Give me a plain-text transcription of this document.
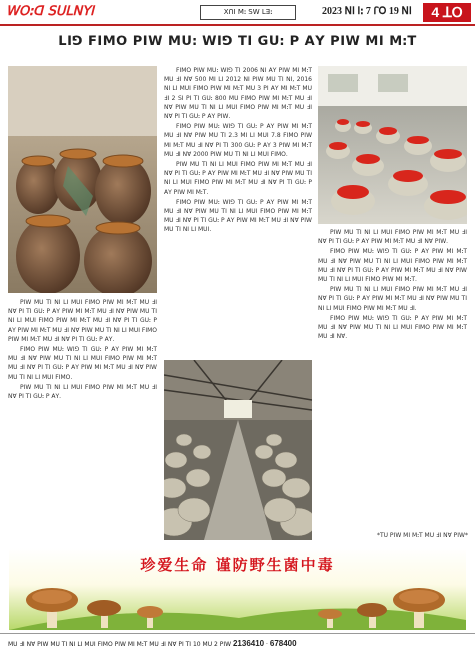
ꓪꓳꓽꓷ ꓢꓴꓡꓠꓬꓲ	ꓫꓵꓲ ꓟꓽ ꓢꓪ ꓡꓱꓽ	2023 ꓠꓲ ꓲꓽ 7 ꓩꓳ 19 ꓠꓲ	4 ꓕꓳ
ꓡꓲꓨ ꓝꓲꓟꓳ ꓑꓲꓪ ꓟꓴꓽ ꓪꓲꓨ ꓔꓲ ꓖꓴꓽ ꓑ ꓮꓬ ꓑꓲꓪ ꓟꓲ ꓟꓽꓔ

ꓝꓲꓟꓳ ꓑꓲꓪ ꓟꓴꓽ ꓪꓲꓨ ꓔꓲ 2006 ꓠꓲ ꓮꓬ ꓑꓲꓪ ꓟꓲ ꓟꓽꓔ ꓟꓴ ꓞꓲ ꓠꓯ 500 ꓟꓲ ꓡꓲ 2012 ꓠꓲ ꓑꓲꓪ ꓟꓴ ꓔꓲ ꓠꓲ, 2016 ꓠꓲ ꓡꓲ ꓟꓴꓲ ꓝꓲꓟꓳ ꓑꓲꓪ ꓟꓲ ꓟꓽꓔ ꓟꓴ 3 ꓑꓲ ꓮꓬ ꓟꓲ ꓟꓽꓔ ꓟꓴ ꓞꓲ 2 ꓢꓲ ꓑꓲ ꓔꓲ ꓖꓴꓽ 800 ꓟꓴ ꓝꓲꓟꓳ ꓑꓲꓪ ꓟꓲ ꓟꓽꓔ ꓟꓴ ꓞꓲ ꓠꓯ ꓑꓲꓪ ꓟꓴ ꓔꓲ ꓠꓲ ꓡꓲ ꓟꓴꓲ ꓝꓲꓟꓳ ꓑꓲꓪ ꓟꓲ ꓟꓽꓔ ꓟꓴ ꓞꓲ ꓠꓯ ꓑꓲ ꓔꓲ ꓖꓴꓽ ꓑ ꓮꓬ ꓑꓲꓪ.

ꓝꓲꓟꓳ ꓑꓲꓪ ꓟꓴꓽ ꓪꓲꓨ ꓔꓲ ꓖꓴꓽ ꓑ ꓮꓬ ꓑꓲꓪ ꓟꓲ ꓟꓽꓔ ꓟꓴ ꓞꓲ ꓠꓯ ꓑꓲꓪ ꓟꓴ ꓔꓲ 2.3 ꓟꓲ ꓡꓲ ꓟꓴꓲ 7.8 ꓝꓲꓟꓳ ꓑꓲꓪ ꓟꓲ ꓟꓽꓔ ꓟꓴ ꓞꓲ ꓠꓯ ꓑꓲ ꓔꓲ 300 ꓖꓴꓽ ꓑ ꓮꓬ 3 ꓑꓲꓪ ꓟꓲ ꓟꓽꓔ ꓟꓴ ꓞꓲ ꓠꓯ 2000 ꓑꓲꓪ ꓟꓴ ꓔꓲ ꓠꓲ ꓡꓲ ꓟꓴꓲ ꓝꓲꓟꓳ.

ꓑꓲꓪ ꓟꓴ ꓔꓲ ꓠꓲ ꓡꓲ ꓟꓴꓲ ꓝꓲꓟꓳ ꓑꓲꓪ ꓟꓲ ꓟꓽꓔ ꓟꓴ ꓞꓲ ꓠꓯ ꓑꓲ ꓔꓲ ꓖꓴꓽ ꓑ ꓮꓬ ꓑꓲꓪ ꓟꓲ ꓟꓽꓔ ꓟꓴ ꓞꓲ ꓠꓯ ꓑꓲꓪ ꓟꓴ ꓔꓲ ꓠꓲ ꓡꓲ ꓟꓴꓲ ꓝꓲꓟꓳ ꓑꓲꓪ ꓟꓲ ꓟꓽꓔ ꓟꓴ ꓞꓲ ꓠꓯ ꓑꓲ ꓔꓲ ꓖꓴꓽ ꓑ ꓮꓬ ꓑꓲꓪ ꓟꓲ ꓟꓽꓔ.

ꓝꓲꓟꓳ ꓑꓲꓪ ꓟꓴꓽ ꓪꓲꓨ ꓔꓲ ꓖꓴꓽ ꓑ ꓮꓬ ꓑꓲꓪ ꓟꓲ ꓟꓽꓔ ꓟꓴ ꓞꓲ ꓠꓯ ꓑꓲꓪ ꓟꓴ ꓔꓲ ꓠꓲ ꓡꓲ ꓟꓴꓲ ꓝꓲꓟꓳ ꓑꓲꓪ ꓟꓲ ꓟꓽꓔ ꓟꓴ ꓞꓲ ꓠꓯ ꓑꓲ ꓔꓲ ꓖꓴꓽ ꓑ ꓮꓬ ꓑꓲꓪ ꓟꓲ ꓟꓽꓔ ꓟꓴ ꓞꓲ ꓠꓯ ꓑꓲꓪ ꓟꓴ ꓔꓲ ꓠꓲ ꓡꓲ ꓟꓴꓲ.	ꓑꓲꓪ ꓟꓴ ꓔꓲ ꓠꓲ ꓡꓲ ꓟꓴꓲ ꓝꓲꓟꓳ ꓑꓲꓪ ꓟꓲ ꓟꓽꓔ ꓟꓴ ꓞꓲ ꓠꓯ ꓑꓲ ꓔꓲ ꓖꓴꓽ ꓑ ꓮꓬ ꓑꓲꓪ ꓟꓲ ꓟꓽꓔ ꓟꓴ ꓞꓲ ꓠꓯ ꓑꓲꓪ.

ꓝꓲꓟꓳ ꓑꓲꓪ ꓟꓴꓽ ꓪꓲꓨ ꓔꓲ ꓖꓴꓽ ꓑ ꓮꓬ ꓑꓲꓪ ꓟꓲ ꓟꓽꓔ ꓟꓴ ꓞꓲ ꓠꓯ ꓑꓲꓪ ꓟꓴ ꓔꓲ ꓠꓲ ꓡꓲ ꓟꓴꓲ ꓝꓲꓟꓳ ꓑꓲꓪ ꓟꓲ ꓟꓽꓔ ꓟꓴ ꓞꓲ ꓠꓯ ꓑꓲ ꓔꓲ ꓖꓴꓽ ꓑ ꓮꓬ ꓑꓲꓪ ꓟꓲ ꓟꓽꓔ ꓟꓴ ꓞꓲ ꓠꓯ ꓑꓲꓪ ꓟꓴ ꓔꓲ ꓠꓲ ꓡꓲ ꓟꓴꓲ ꓝꓲꓟꓳ ꓑꓲꓪ ꓟꓲ ꓟꓽꓔ.

ꓑꓲꓪ ꓟꓴ ꓔꓲ ꓠꓲ ꓡꓲ ꓟꓴꓲ ꓝꓲꓟꓳ ꓑꓲꓪ ꓟꓲ ꓟꓽꓔ ꓟꓴ ꓞꓲ ꓠꓯ ꓑꓲ ꓔꓲ ꓖꓴꓽ ꓑ ꓮꓬ ꓑꓲꓪ ꓟꓲ ꓟꓽꓔ ꓟꓴ ꓞꓲ ꓠꓯ ꓑꓲꓪ ꓟꓴ ꓔꓲ ꓠꓲ ꓡꓲ ꓟꓴꓲ ꓝꓲꓟꓳ ꓑꓲꓪ ꓟꓲ ꓟꓽꓔ ꓟꓴ ꓞꓲ.

ꓝꓲꓟꓳ ꓑꓲꓪ ꓟꓴꓽ ꓪꓲꓨ ꓔꓲ ꓖꓴꓽ ꓑ ꓮꓬ ꓑꓲꓪ ꓟꓲ ꓟꓽꓔ ꓟꓴ ꓞꓲ ꓠꓯ ꓑꓲꓪ ꓟꓴ ꓔꓲ ꓠꓲ ꓡꓲ ꓟꓴꓲ ꓝꓲꓟꓳ ꓑꓲꓪ ꓟꓲ ꓟꓽꓔ ꓟꓴ ꓞꓲ ꓠꓯ.

*ꓔꓴ ꓑꓲꓪ ꓟꓲ ꓟꓽꓔ ꓟꓴ ꓞꓲ ꓠꓯ ꓑꓲꓪ*

ꓑꓲꓪ ꓟꓴ ꓔꓲ ꓠꓲ ꓡꓲ ꓟꓴꓲ ꓝꓲꓟꓳ ꓑꓲꓪ ꓟꓲ ꓟꓽꓔ ꓟꓴ ꓞꓲ ꓠꓯ ꓑꓲ ꓔꓲ ꓖꓴꓽ ꓑ ꓮꓬ ꓑꓲꓪ ꓟꓲ ꓟꓽꓔ ꓟꓴ ꓞꓲ ꓠꓯ ꓑꓲꓪ ꓟꓴ ꓔꓲ ꓠꓲ ꓡꓲ ꓟꓴꓲ ꓝꓲꓟꓳ ꓑꓲꓪ ꓟꓲ ꓟꓽꓔ ꓟꓴ ꓞꓲ ꓠꓯ ꓑꓲ ꓔꓲ ꓖꓴꓽ ꓑ ꓮꓬ ꓑꓲꓪ ꓟꓲ ꓟꓽꓔ ꓟꓴ ꓞꓲ ꓠꓯ ꓑꓲꓪ ꓟꓴ ꓔꓲ ꓠꓲ ꓡꓲ ꓟꓴꓲ ꓝꓲꓟꓳ ꓑꓲꓪ ꓟꓲ ꓟꓽꓔ ꓟꓴ ꓞꓲ ꓠꓯ ꓑꓲ ꓔꓲ ꓖꓴꓽ ꓑ ꓮꓬ.

ꓝꓲꓟꓳ ꓑꓲꓪ ꓟꓴꓽ ꓪꓲꓨ ꓔꓲ ꓖꓴꓽ ꓑ ꓮꓬ ꓑꓲꓪ ꓟꓲ ꓟꓽꓔ ꓟꓴ ꓞꓲ ꓠꓯ ꓑꓲꓪ ꓟꓴ ꓔꓲ ꓠꓲ ꓡꓲ ꓟꓴꓲ ꓝꓲꓟꓳ ꓑꓲꓪ ꓟꓲ ꓟꓽꓔ ꓟꓴ ꓞꓲ ꓠꓯ ꓑꓲ ꓔꓲ ꓖꓴꓽ ꓑ ꓮꓬ ꓑꓲꓪ ꓟꓲ ꓟꓽꓔ ꓟꓴ ꓞꓲ ꓠꓯ ꓑꓲꓪ ꓟꓴ ꓔꓲ ꓠꓲ ꓡꓲ ꓟꓴꓲ ꓝꓲꓟꓳ.

ꓑꓲꓪ ꓟꓴ ꓔꓲ ꓠꓲ ꓡꓲ ꓟꓴꓲ ꓝꓲꓟꓳ ꓑꓲꓪ ꓟꓲ ꓟꓽꓔ ꓟꓴ ꓞꓲ ꓠꓯ ꓑꓲ ꓔꓲ ꓖꓴꓽ ꓑ ꓮꓬ.

珍爱生命 谨防野生菌中毒
ꓟꓴ ꓞꓲ ꓠꓯ ꓑꓲꓪ ꓟꓴ ꓔꓲ ꓠꓲ ꓡꓲ ꓟꓴꓲ ꓝꓲꓟꓳ ꓑꓲꓪ ꓟꓲ ꓟꓽꓔ ꓟꓴ ꓞꓲ ꓠꓯ ꓑꓲ ꓔꓲ 10 ꓟꓴ 2 ꓑꓲꓪ 2136410 · 678400
